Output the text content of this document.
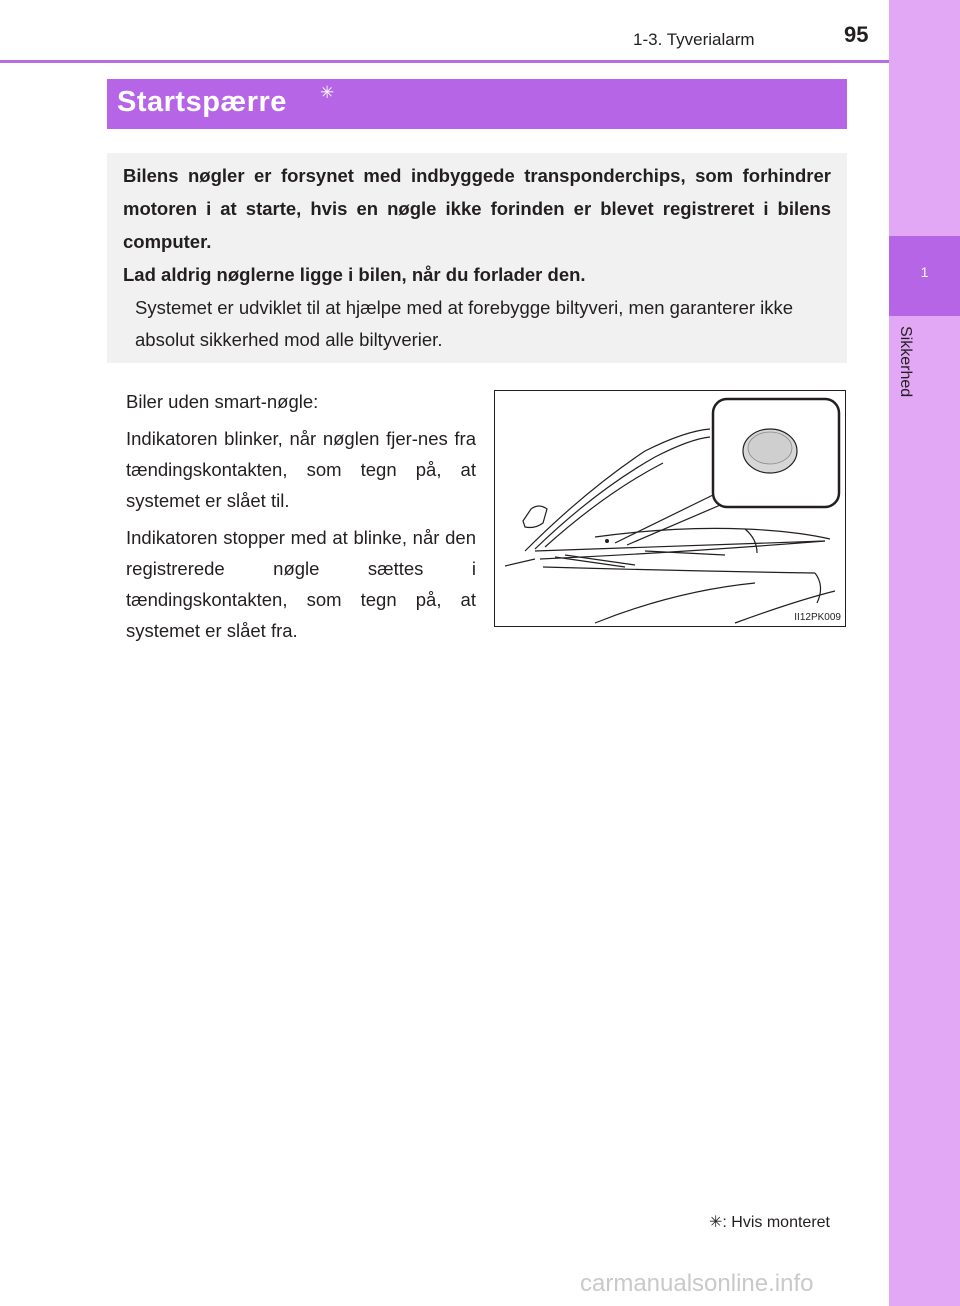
1-3. Tyverialarm	95
1
Sikkerhed
Startspærre ✳
Bilens nøgler er forsynet med indbyggede transponderchips, som forhindrer motoren i at starte, hvis en nøgle ikke forinden er blevet registreret i bilens computer.
Lad aldrig nøglerne ligge i bilen, når du forlader den.
Systemet er udviklet til at hjælpe med at forebygge biltyveri, men garanterer ikke absolut sikkerhed mod alle biltyverier.

Biler uden smart-nøgle:

Indikatoren blinker, når nøglen fjer-nes fra tændingskontakten, som tegn på, at systemet er slået til.

Indikatoren stopper med at blinke, når den registrerede nøgle sættes i tændingskontakten, som tegn på, at systemet er slået fra.

II12PK009
✳: Hvis monteret
carmanualsonline.info
